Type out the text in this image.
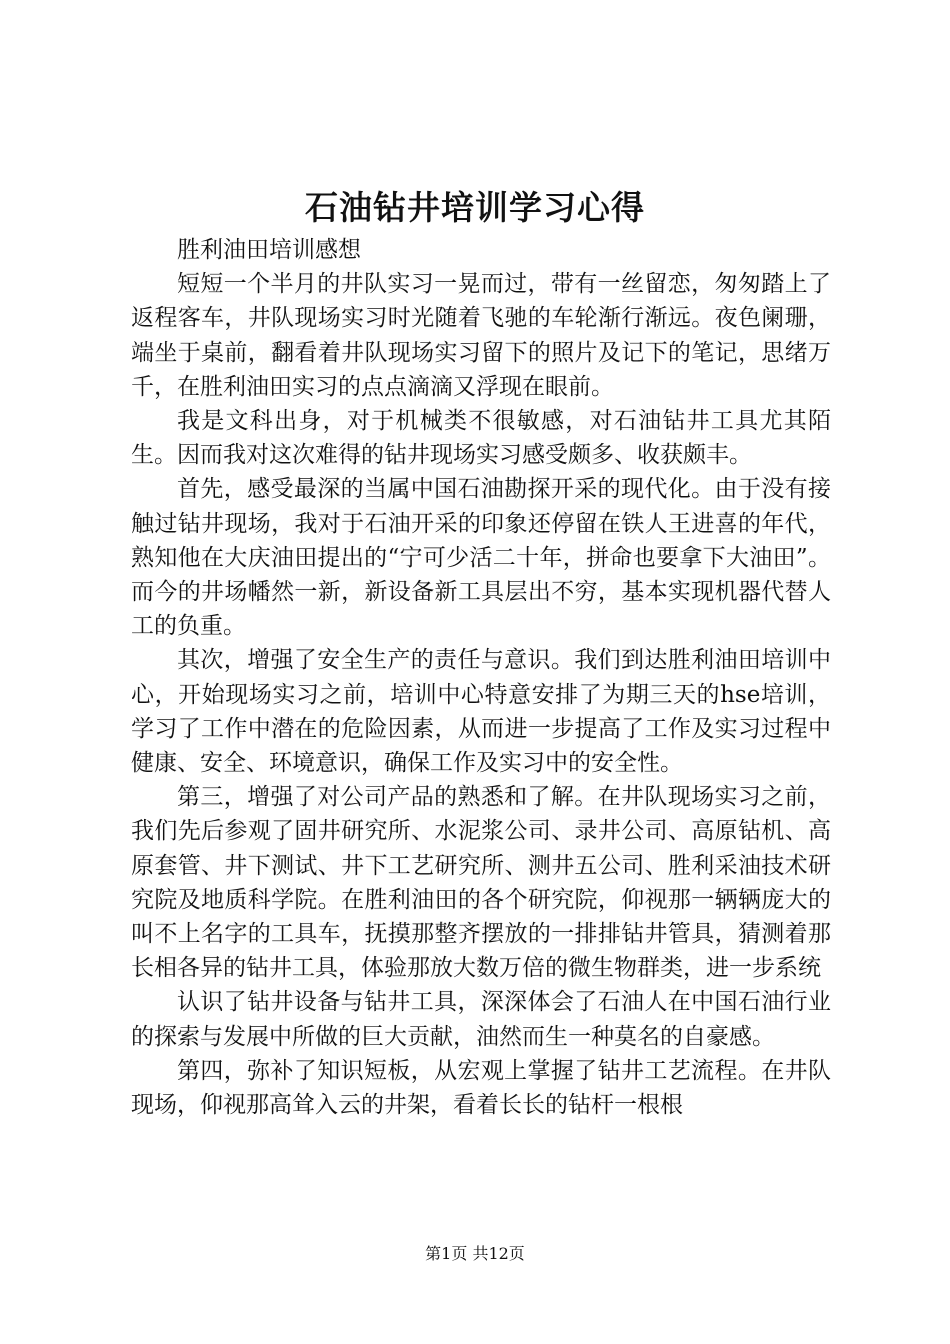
石油钻井培训学习心得

胜利油田培训感想

短短一个半月的井队实习一晃而过，带有一丝留恋，匆匆踏上了返程客车，井队现场实习时光随着飞驰的车轮渐行渐远。夜色阑珊，端坐于桌前，翻看着井队现场实习留下的照片及记下的笔记，思绪万千，在胜利油田实习的点点滴滴又浮现在眼前。

我是文科出身，对于机械类不很敏感，对石油钻井工具尤其陌生。因而我对这次难得的钻井现场实习感受颇多、收获颇丰。

首先，感受最深的当属中国石油勘探开采的现代化。由于没有接触过钻井现场，我对于石油开采的印象还停留在铁人王进喜的年代，熟知他在大庆油田提出的“宁可少活二十年，拼命也要拿下大油田”。而今的井场幡然一新，新设备新工具层出不穷，基本实现机器代替人工的负重。

其次，增强了安全生产的责任与意识。我们到达胜利油田培训中心，开始现场实习之前，培训中心特意安排了为期三天的hse培训，学习了工作中潜在的危险因素，从而进一步提高了工作及实习过程中健康、安全、环境意识，确保工作及实习中的安全性。

第三，增强了对公司产品的熟悉和了解。在井队现场实习之前，我们先后参观了固井研究所、水泥浆公司、录井公司、高原钻机、高原套管、井下测试、井下工艺研究所、测井五公司、胜利采油技术研究院及地质科学院。在胜利油田的各个研究院，仰视那一辆辆庞大的叫不上名字的工具车，抚摸那整齐摆放的一排排钻井管具，猜测着那长相各异的钻井工具，体验那放大数万倍的微生物群类，进一步系统

认识了钻井设备与钻井工具，深深体会了石油人在中国石油行业的探索与发展中所做的巨大贡献，油然而生一种莫名的自豪感。

第四，弥补了知识短板，从宏观上掌握了钻井工艺流程。在井队现场，仰视那高耸入云的井架，看着长长的钻杆一根根

第1页 共12页
